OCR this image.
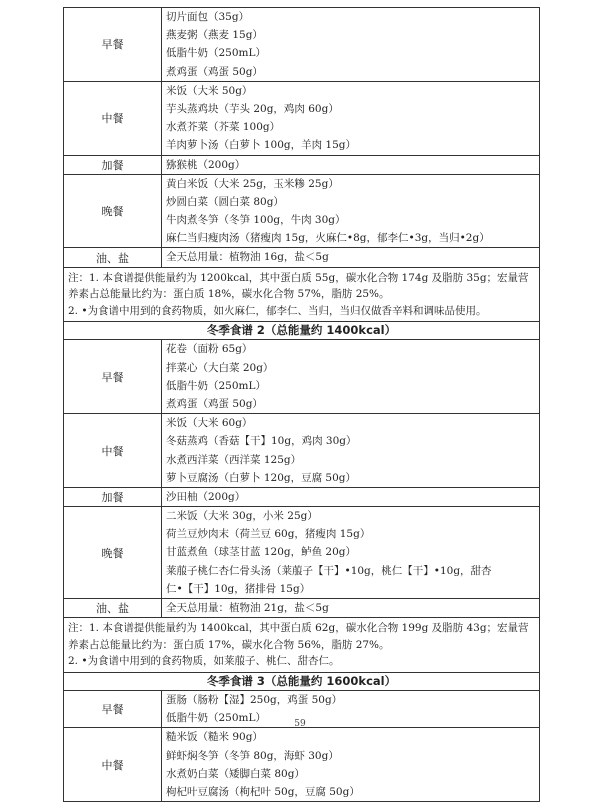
早餐	切片面包（35g）
燕麦粥（燕麦 15g）
低脂牛奶（250mL）
煮鸡蛋（鸡蛋 50g）

中餐	米饭（大米 50g）
芋头蒸鸡块（芋头 20g，鸡肉 60g）
水煮芥菜（芥菜 100g）
羊肉萝卜汤（白萝卜 100g，羊肉 15g）

加餐	猕猴桃（200g）

晚餐	黄白米饭（大米 25g，玉米糁 25g）
炒圆白菜（圆白菜 80g）
牛肉煮冬笋（冬笋 100g，牛肉 30g）
麻仁当归瘦肉汤（猪瘦肉 15g，火麻仁•8g，郁李仁•3g，当归•2g）

油、盐	全天总用量：植物油 16g，盐＜5g

注：1. 本食谱提供能量约为 1200kcal，其中蛋白质 55g，碳水化合物 174g 及脂肪 35g；宏量营养素占总能量比约为：蛋白质 18%，碳水化合物 57%，脂肪 25%。
2. •为食谱中用到的食药物质，如火麻仁，郁李仁、当归，当归仅做香辛料和调味品使用。	

冬季食谱 2（总能量约 1400kcal）	
早餐	花卷（面粉 65g）
拌菜心（大白菜 20g）
低脂牛奶（250mL）
煮鸡蛋（鸡蛋 50g）

中餐	米饭（大米 60g）
冬菇蒸鸡（香菇【干】10g，鸡肉 30g）
水煮西洋菜（西洋菜 125g）
萝卜豆腐汤（白萝卜 120g，豆腐 50g）

加餐	沙田柚（200g）

晚餐	二米饭（大米 30g，小米 25g）
荷兰豆炒肉末（荷兰豆 60g，猪瘦肉 15g）
甘蓝煮鱼（球茎甘蓝 120g，鲈鱼 20g）
莱菔子桃仁杏仁骨头汤（莱菔子【干】•10g，桃仁【干】•10g，甜杏
仁•【干】10g，猪排骨 15g）

油、盐	全天总用量：植物油 21g，盐＜5g

注：1. 本食谱提供能量约为 1400kcal，其中蛋白质 62g，碳水化合物 199g 及脂肪 43g；宏量营养素占总能量比约为：蛋白质 17%，碳水化合物 56%，脂肪 27%。
2. •为食谱中用到的食药物质，如莱菔子、桃仁、甜杏仁。	

冬季食谱 3（总能量约 1600kcal）	
早餐	蛋肠（肠粉【湿】250g，鸡蛋 50g）
低脂牛奶（250mL）

中餐	糙米饭（糙米 90g）
鲜虾焖冬笋（冬笋 80g，海虾 30g）
水煮奶白菜（矮脚白菜 80g）
枸杞叶豆腐汤（枸杞叶 50g，豆腐 50g）
59
